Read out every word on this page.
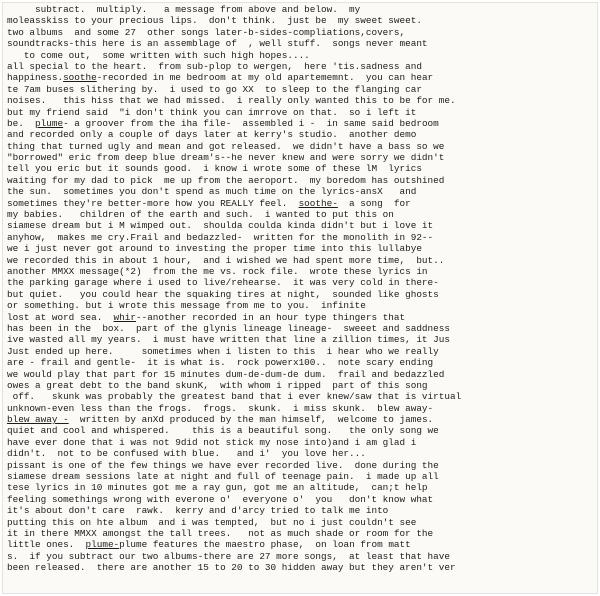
subtract.  multiply.   a message from above and below.  my
moleasskiss to your precious lips.  don't think.  just be  my sweet sweet.
two albums  and some 27  other songs later-b-sides-compliations,covers,
soundtracks-this here is an assemblage of  , well stuff.  songs never meant
to come out,  some written with such high hopes....
all special to the heart.  from sub-plop to wergen,  here 'tis.sadness and
happiness.soothe-recorded in me bedroom at my old apartememnt.  you can hear
te 7am buses slithering by.  i used to go XX  to sleep to the flanging car
noises.   this hiss that we had missed.  i really only wanted this to be for me.
but my friend said  "i don't think you can imrrove on that.  so i left it
be.  plume- a groover from the iha file-  assembled i -  in same said bedroom
and recorded only a couple of days later at kerry's studio.  another demo
thing that turned ugly and mean and got released.  we didn't have a bass so we
"borrowed" eric from deep blue dream's--he never knew and were sorry we didn't
tell you eric but it sounds good.  i know i wrote some of these lM  lyrics
waiting for my dad to pick  me up from the aeroport.  my boredom has outshined
the sun.  sometimes you don't spend as much time on the lyrics-ansX   and
sometimes they're better-more how you REALLY feel.  soothe-  a song  for
my babies.   children of the earth and such.  i wanted to put this on
siamese dream but i M wimped out.  shoulda coulda kinda didn't but i love it
anyhow,  makes me cry.Frail and bedazzled-  written for the monolith in 92--
we i just never got around to investing the proper time into this lullabye
we recorded this in about 1 hour,  and i wished we had spent more time,  but..
another MMXX message(*2)  from the me vs. rock file.  wrote these lyrics in
the parking garage where i used to live/rehearse.  it was very cold in there-
but quiet.   you could hear the squaking tires at night,  sounded like ghosts
or something. but i wrote this message from me to you.  infinite
lost at word sea.  whir--another recorded in an hour type thingers that
has been in the  box.  part of the glynis lineage lineage-  sweeet and saddness
ive wasted all my years.  i must have written that line a zillion times, it Jus
Just ended up here.     sometimes when i listen to this  i hear who we really
are - frail and gentle-  it is what is.  rock powerx100..  note scary ending
we would play that part for 15 minutes dum-de-dum-de dum.  frail and bedazzled
owes a great debt to the band skunK,  with whom i ripped  part of this song
off.   skunk was probably the greatest band that i ever knew/saw that is virtual
unknown-even less than the frogs.  frogs.  skunk.  i miss skunk.  blew away-
blew away -  written by anXd produced by the man himself,  welcome to james.
quiet and cool and whispered.    this is a beautiful song.   the only song we
have ever done that i was not 9did not stick my nose into)and i am glad i
didn't.  not to be confused with blue.   and i'  you love her...
pissant is one of the few things we have ever recorded live.  done during the
siamese dream sessions late at night and full of teenage pain.  i made up all
tese lyrics in 10 minutes got me a ray gun, got me an altitude,  can;t help
feeling somethings wrong with everone o'  everyone o'  you   don't know what
it's about don't care  rawk.  kerry and d'arcy tried to talk me into
putting this on hte album  and i was tempted,  but no i just couldn't see
it in there MMXX amongst the tall trees.   not as much shade or room for the
little ones.  plume-plume features the maestro phase,  on loan from matt
s.  if you subtract our two albums-there are 27 more songs,  at least that have
been released.  there are another 15 to 20 to 30 hidden away but they aren't ver
